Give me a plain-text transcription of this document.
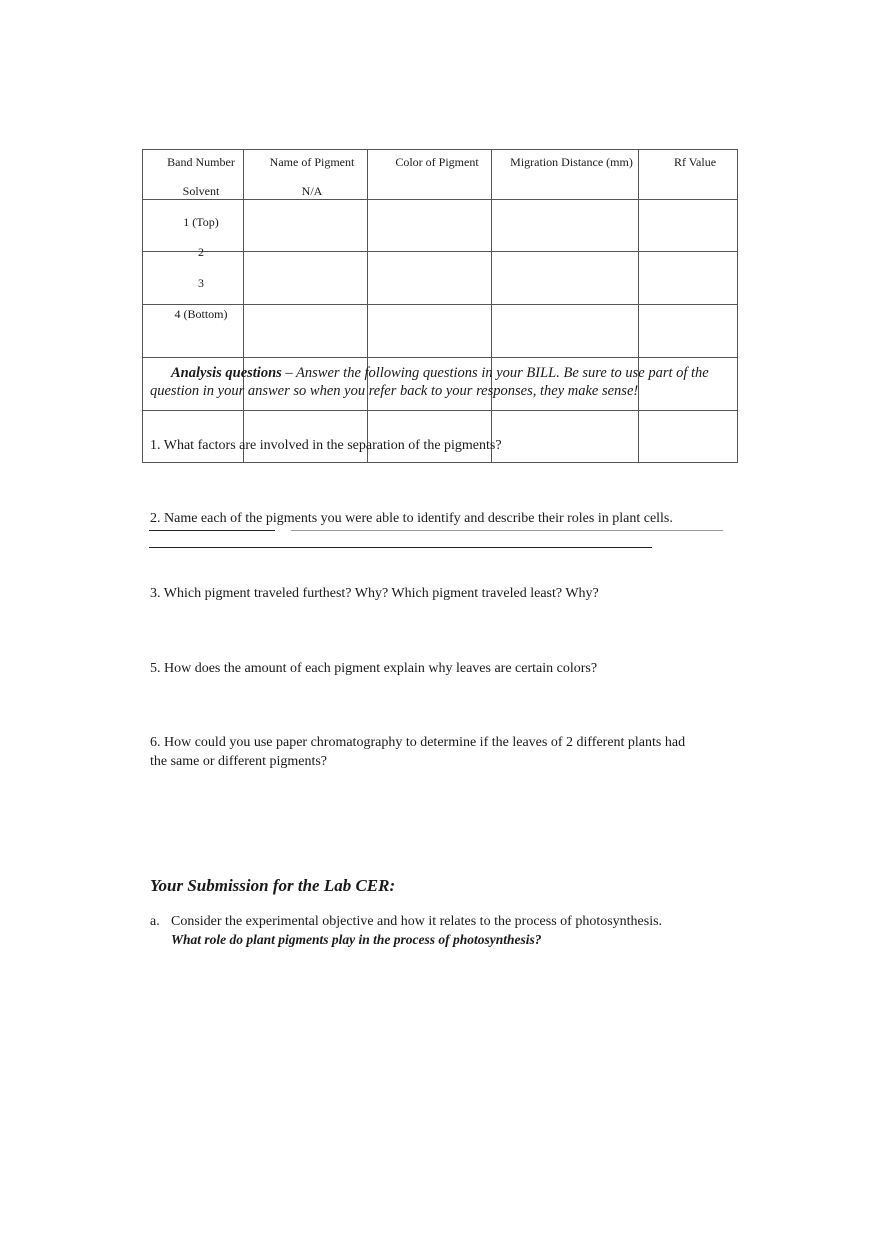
Band Number	Name of Pigment	Color of Pigment	Migration Distance (mm)	Rf Value
Solvent	N/A
1 (Top)
2
3
4 (Bottom)
Analysis questions – Answer the following questions in your BILL. Be sure to use part of the question in your answer so when you refer back to your responses, they make sense!
1. What factors are involved in the separation of the pigments?
2. Name each of the pigments you were able to identify and describe their roles in plant cells.
3. Which pigment traveled furthest? Why? Which pigment traveled least? Why?
5. How does the amount of each pigment explain why leaves are certain colors?
6. How could you use paper chromatography to determine if the leaves of 2 different plants had
the same or different pigments?
Your Submission for the Lab CER:
a. Consider the experimental objective and how it relates to the process of photosynthesis.
What role do plant pigments play in the process of photosynthesis?
